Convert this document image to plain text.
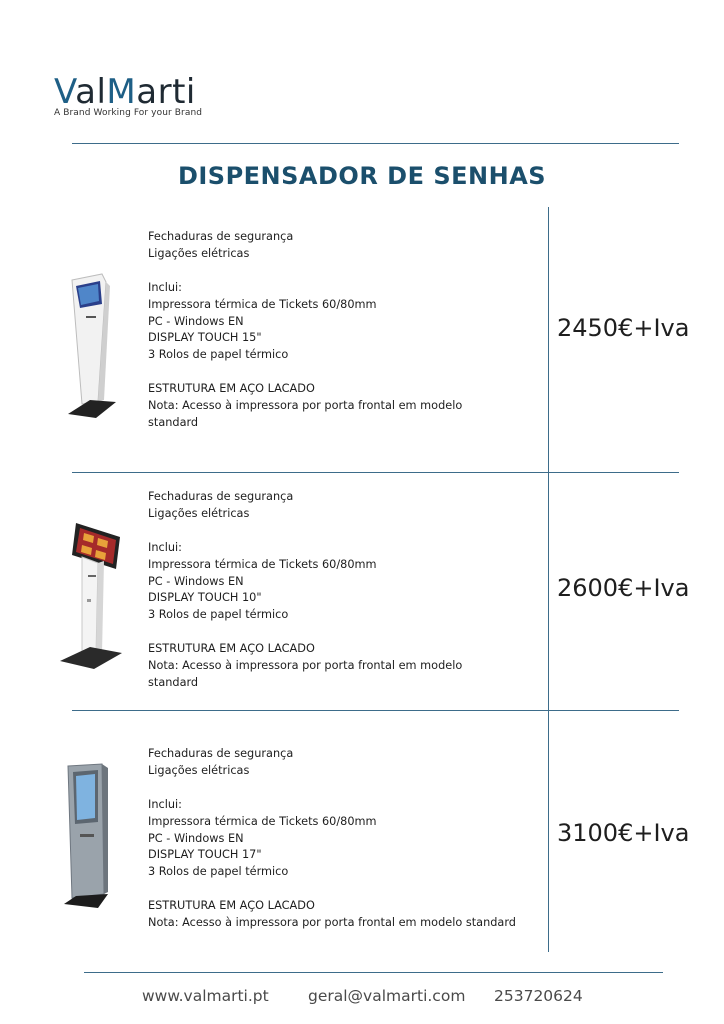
ValMarti
A Brand Working For your Brand
DISPENSADOR DE SENHAS
Fechaduras de segurança
Ligações elétricas
Inclui:
Impressora térmica de Tickets 60/80mm
PC - Windows EN
DISPLAY TOUCH 15"
3 Rolos de papel térmico
ESTRUTURA EM AÇO LACADO
Nota: Acesso à impressora por porta frontal em modelo
standard
2450€+Iva
Fechaduras de segurança
Ligações elétricas
Inclui:
Impressora térmica de Tickets 60/80mm
PC - Windows EN
DISPLAY TOUCH 10"
3 Rolos de papel térmico
ESTRUTURA EM AÇO LACADO
Nota: Acesso à impressora por porta frontal em modelo
standard
2600€+Iva
Fechaduras de segurança
Ligações elétricas
Inclui:
Impressora térmica de Tickets 60/80mm
PC - Windows EN
DISPLAY TOUCH 17"
3 Rolos de papel térmico
ESTRUTURA EM AÇO LACADO
Nota: Acesso à impressora por porta frontal em modelo standard
3100€+Iva
www.valmarti.pt	geral@valmarti.com 253720624
